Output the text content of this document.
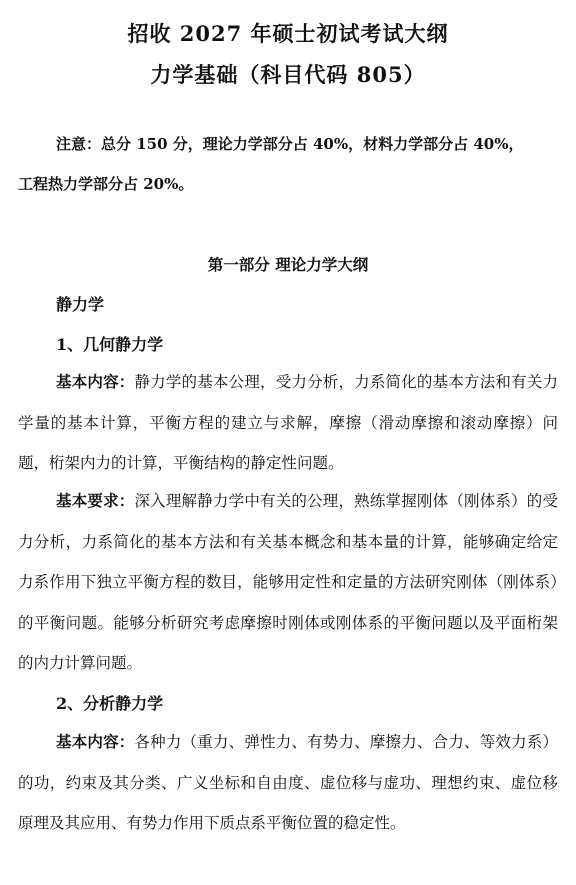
招收 2027 年硕士初试考试大纲
力学基础（科目代码 805）
注意：总分 150 分，理论力学部分占 40%，材料力学部分占 40%，
工程热力学部分占 20%。
第一部分 理论力学大纲
静力学
1、几何静力学
基本内容：静力学的基本公理，受力分析，力系简化的基本方法和有关力学量的基本计算，平衡方程的建立与求解，摩擦（滑动摩擦和滚动摩擦）问题，桁架内力的计算，平衡结构的静定性问题。
基本要求：深入理解静力学中有关的公理，熟练掌握刚体（刚体系）的受力分析，力系简化的基本方法和有关基本概念和基本量的计算，能够确定给定力系作用下独立平衡方程的数目，能够用定性和定量的方法研究刚体（刚体系）的平衡问题。能够分析研究考虑摩擦时刚体或刚体系的平衡问题以及平面桁架的内力计算问题。
2、分析静力学
基本内容：各种力（重力、弹性力、有势力、摩擦力、合力、等效力系）的功，约束及其分类、广义坐标和自由度、虚位移与虚功、理想约束、虚位移原理及其应用、有势力作用下质点系平衡位置的稳定性。
